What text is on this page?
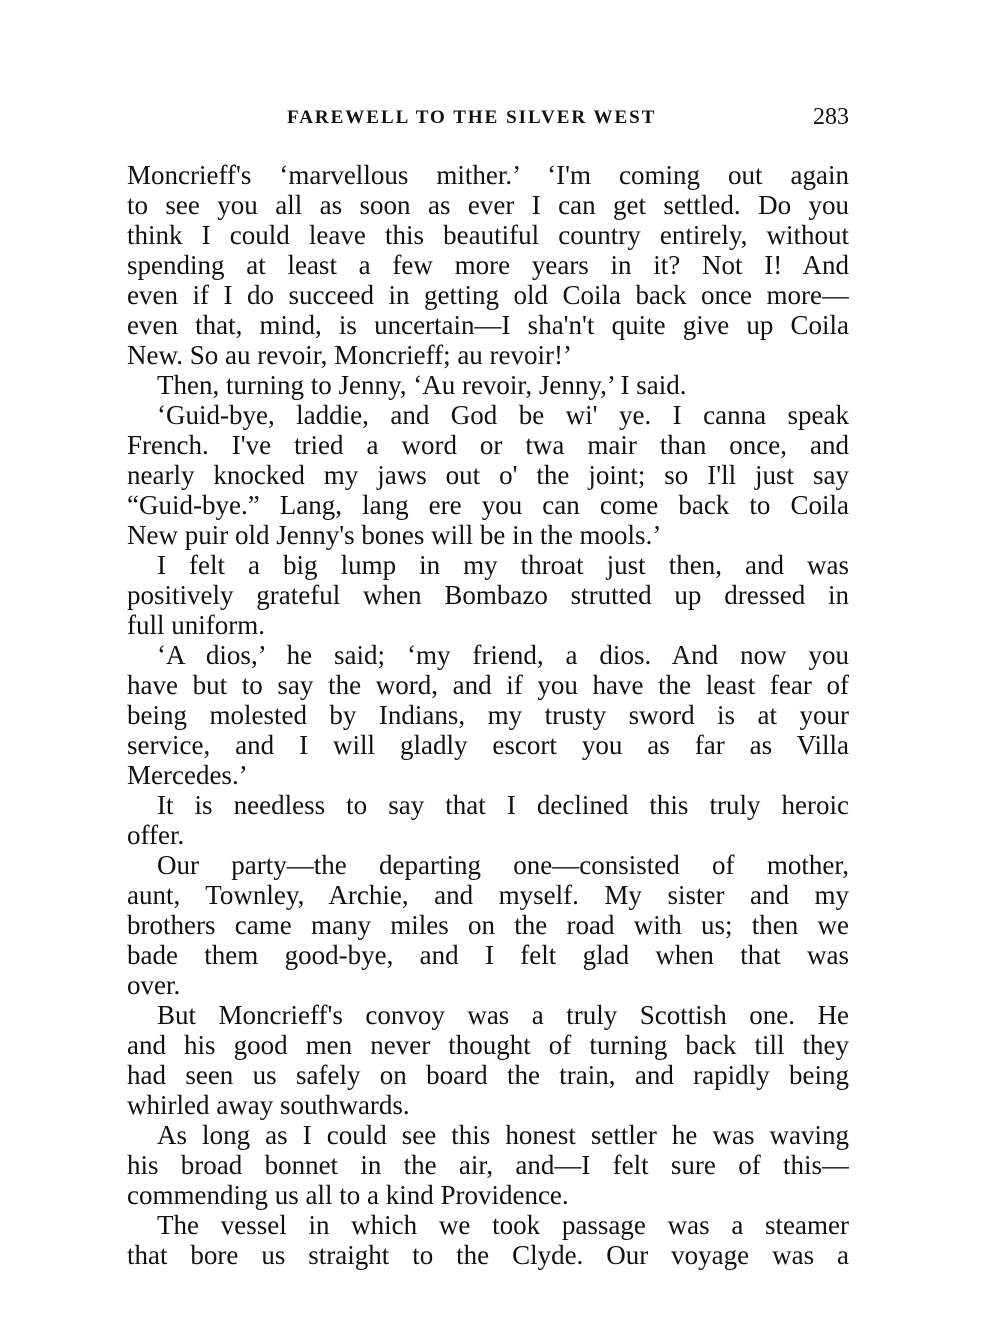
FAREWELL TO THE SILVER WEST	283
Moncrieff's ‘marvellous mither.’ ‘I'm coming out again
to see you all as soon as ever I can get settled. Do you
think I could leave this beautiful country entirely, without
spending at least a few more years in it? Not I! And
even if I do succeed in getting old Coila back once more—
even that, mind, is uncertain—I sha'n't quite give up Coila
New. So au revoir, Moncrieff; au revoir!’
Then, turning to Jenny, ‘Au revoir, Jenny,’ I said.
‘Guid-bye, laddie, and God be wi' ye. I canna speak
French. I've tried a word or twa mair than once, and
nearly knocked my jaws out o' the joint; so I'll just say
“Guid-bye.” Lang, lang ere you can come back to Coila
New puir old Jenny's bones will be in the mools.’
I felt a big lump in my throat just then, and was
positively grateful when Bombazo strutted up dressed in
full uniform.
‘A dios,’ he said; ‘my friend, a dios. And now you
have but to say the word, and if you have the least fear of
being molested by Indians, my trusty sword is at your
service, and I will gladly escort you as far as Villa
Mercedes.’
It is needless to say that I declined this truly heroic
offer.
Our party—the departing one—consisted of mother,
aunt, Townley, Archie, and myself. My sister and my
brothers came many miles on the road with us; then we
bade them good-bye, and I felt glad when that was
over.
But Moncrieff's convoy was a truly Scottish one. He
and his good men never thought of turning back till they
had seen us safely on board the train, and rapidly being
whirled away southwards.
As long as I could see this honest settler he was waving
his broad bonnet in the air, and—I felt sure of this—
commending us all to a kind Providence.
The vessel in which we took passage was a steamer
that bore us straight to the Clyde. Our voyage was a
